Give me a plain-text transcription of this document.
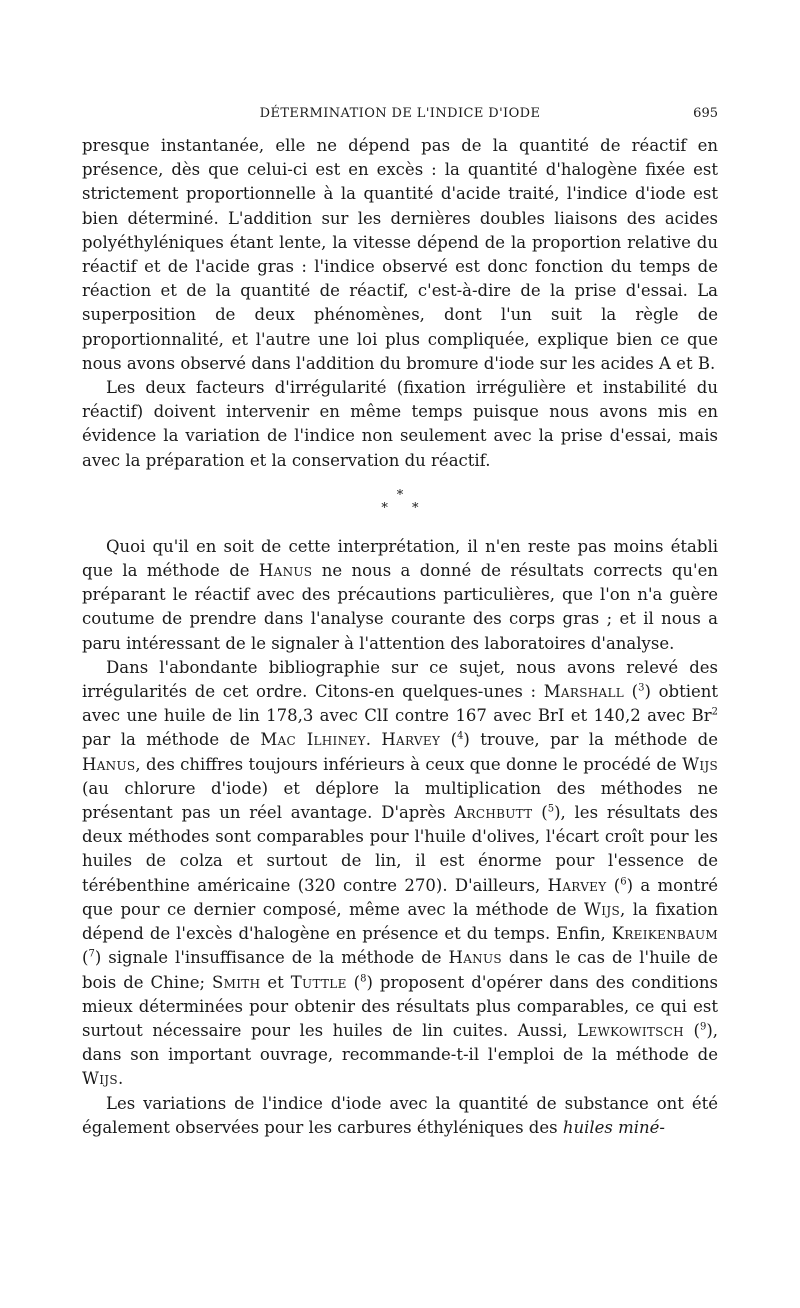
DÉTERMINATION DE L'INDICE D'IODE	695

presque instantanée, elle ne dépend pas de la quantité de réactif en présence, dès que celui-ci est en excès : la quantité d'halogène fixée est strictement proportionnelle à la quantité d'acide traité, l'indice d'iode est bien déterminé. L'addition sur les dernières doubles liaisons des acides polyéthyléniques étant lente, la vitesse dépend de la proportion relative du réactif et de l'acide gras : l'indice observé est donc fonction du temps de réaction et de la quantité de réactif, c'est-à-dire de la prise d'essai. La superposition de deux phénomènes, dont l'un suit la règle de proportionnalité, et l'autre une loi plus compliquée, explique bien ce que nous avons observé dans l'addition du bromure d'iode sur les acides A et B.

Les deux facteurs d'irrégularité (fixation irrégulière et instabilité du réactif) doivent intervenir en même temps puisque nous avons mis en évidence la variation de l'indice non seulement avec la prise d'essai, mais avec la préparation et la conservation du réactif.

*
* *

Quoi qu'il en soit de cette interprétation, il n'en reste pas moins établi que la méthode de Hanus ne nous a donné de résultats corrects qu'en préparant le réactif avec des précautions particulières, que l'on n'a guère coutume de prendre dans l'analyse courante des corps gras ; et il nous a paru intéressant de le signaler à l'attention des laboratoires d'analyse.

Dans l'abondante bibliographie sur ce sujet, nous avons relevé des irrégularités de cet ordre. Citons-en quelques-unes : Marshall ($^3$) obtient avec une huile de lin 178,3 avec ClI contre 167 avec BrI et 140,2 avec Br$^2$ par la méthode de Mac Ilhiney. Harvey ($^4$) trouve, par la méthode de Hanus, des chiffres toujours inférieurs à ceux que donne le procédé de Wijs (au chlorure d'iode) et déplore la multiplication des méthodes ne présentant pas un réel avantage. D'après Archbutt ($^5$), les résultats des deux méthodes sont comparables pour l'huile d'olives, l'écart croît pour les huiles de colza et surtout de lin, il est énorme pour l'essence de térébenthine américaine (320 contre 270). D'ailleurs, Harvey ($^6$) a montré que pour ce dernier composé, même avec la méthode de Wijs, la fixation dépend de l'excès d'halogène en présence et du temps. Enfin, Kreikenbaum ($^7$) signale l'insuffisance de la méthode de Hanus dans le cas de l'huile de bois de Chine; Smith et Tuttle ($^8$) proposent d'opérer dans des conditions mieux déterminées pour obtenir des résultats plus comparables, ce qui est surtout nécessaire pour les huiles de lin cuites. Aussi, Lewkowitsch ($^9$), dans son important ouvrage, recommande-t-il l'emploi de la méthode de Wijs.

Les variations de l'indice d'iode avec la quantité de substance ont été également observées pour les carbures éthyléniques des huiles miné-
